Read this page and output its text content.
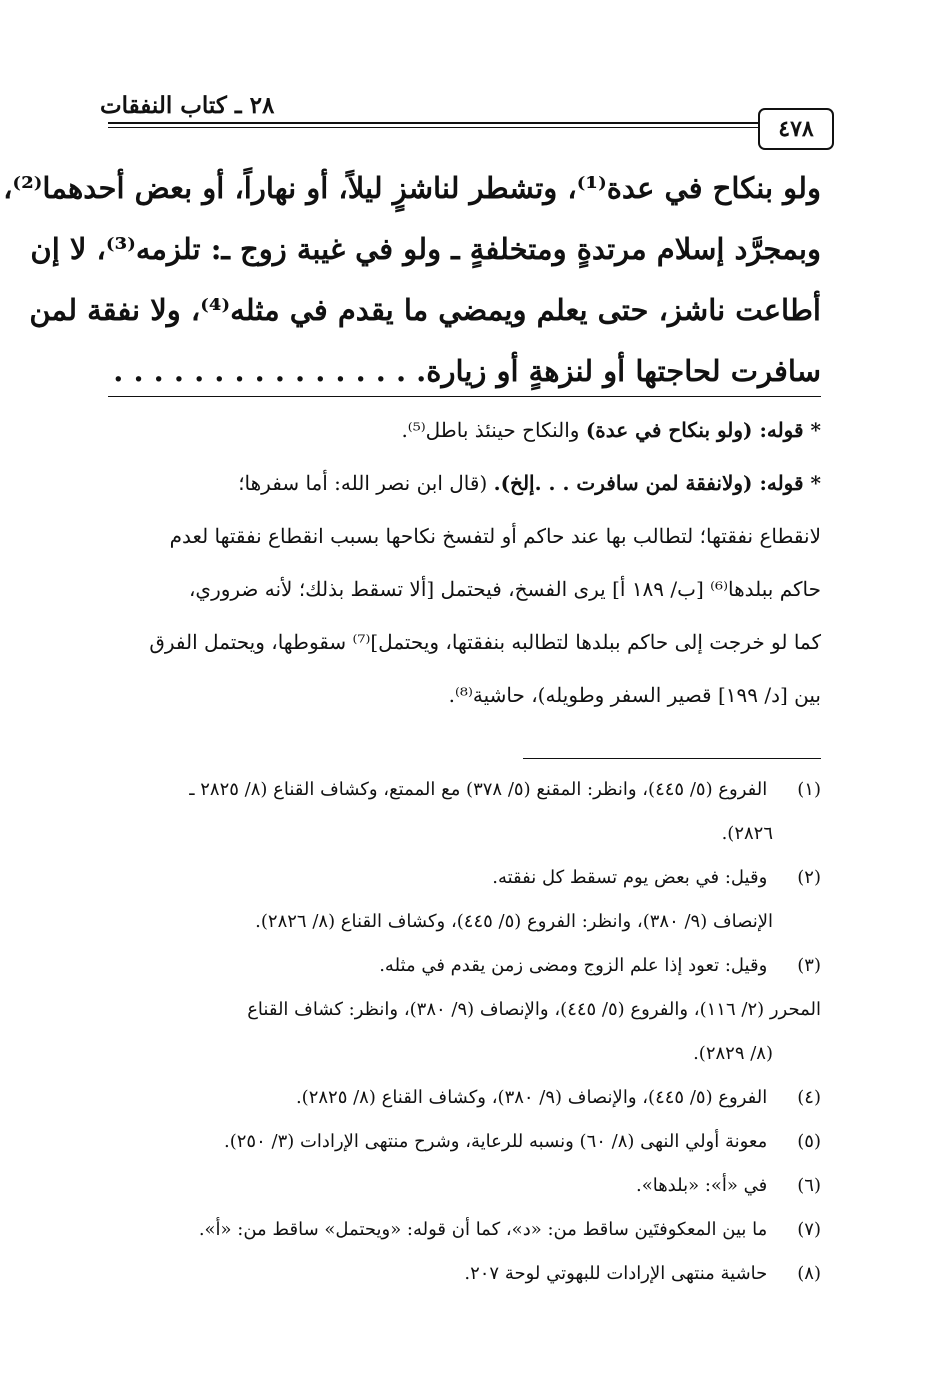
٢٨ ـ كتاب النفقات
٤٧٨
ولو بنكاح في عدة⁽¹⁾، وتشطر لناشزٍ ليلاً، أو نهاراً، أو بعض أحدهما⁽²⁾،
وبمجرَّد إسلام مرتدةٍ ومتخلفةٍ ـ ولو في غيبة زوج ـ: تلزمه⁽³⁾، لا إن
أطاعت ناشز، حتى يعلم ويمضي ما يقدم في مثله⁽⁴⁾، ولا نفقة لمن
سافرت لحاجتها أو لنزهةٍ أو زيارة. . . . . . . . . . . . . . . .
* قوله: (ولو بنكاح في عدة) والنكاح حينئذ باطل⁽⁵⁾.
* قوله: (ولانفقة لمن سافرت . . .إلخ). (قال ابن نصر الله: أما سفرها؛
لانقطاع نفقتها؛ لتطالب بها عند حاكم أو لتفسخ نكاحها بسبب انقطاع نفقتها لعدم
حاكم ببلدها⁽⁶⁾ [ب/ ١٨٩ أ] يرى الفسخ، فيحتمل [ألا تسقط بذلك؛ لأنه ضروري،
كما لو خرجت إلى حاكم ببلدها لتطالبه بنفقتها، ويحتمل]⁽⁷⁾ سقوطها، ويحتمل الفرق
بين [د/ ١٩٩] قصير السفر وطويله)، حاشية⁽⁸⁾.
(١) الفروع (٥/ ٤٤٥)، وانظر: المقنع (٥/ ٣٧٨) مع الممتع، وكشاف القناع (٨/ ٢٨٢٥ ـ
٢٨٢٦).
(٢) وقيل: في بعض يوم تسقط كل نفقته.
الإنصاف (٩/ ٣٨٠)، وانظر: الفروع (٥/ ٤٤٥)، وكشاف القناع (٨/ ٢٨٢٦).
(٣) وقيل: تعود إذا علم الزوج ومضى زمن يقدم في مثله.
المحرر (٢/ ١١٦)، والفروع (٥/ ٤٤٥)، والإنصاف (٩/ ٣٨٠)، وانظر: كشاف القناع
(٨/ ٢٨٢٩).
(٤) الفروع (٥/ ٤٤٥)، والإنصاف (٩/ ٣٨٠)، وكشاف القناع (٨/ ٢٨٢٥).
(٥) معونة أولي النهى (٨/ ٦٠) ونسبه للرعاية، وشرح منتهى الإرادات (٣/ ٢٥٠).
(٦) في «أ»: «بلدها».
(٧) ما بين المعكوفتَين ساقط من: «د»، كما أن قوله: «ويحتمل» ساقط من: «أ».
(٨) حاشية منتهى الإرادات للبهوتي لوحة ٢٠٧.
